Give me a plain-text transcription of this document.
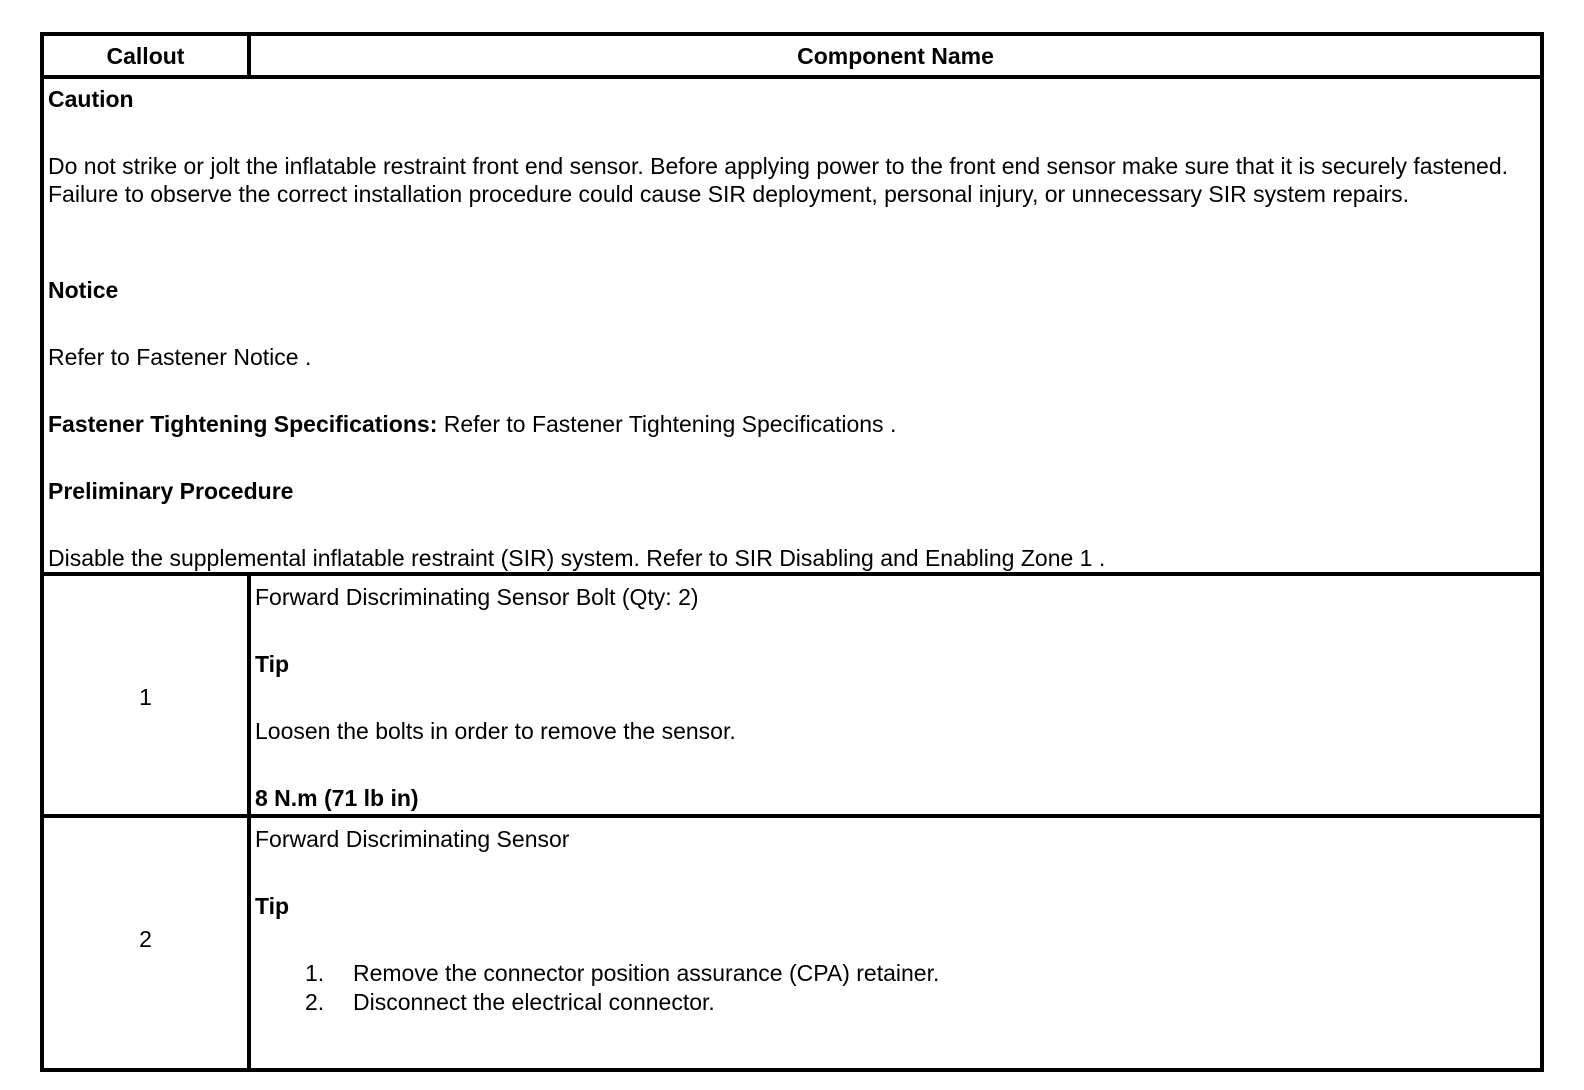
Callout	Component Name
Caution
Do not strike or jolt the inflatable restraint front end sensor. Before applying power to the front end sensor make sure that it is securely fastened. Failure to observe the correct installation procedure could cause SIR deployment, personal injury, or unnecessary SIR system repairs.
Notice
Refer to Fastener Notice .
Fastener Tightening Specifications: Refer to Fastener Tightening Specifications .
Preliminary Procedure
Disable the supplemental inflatable restraint (SIR) system. Refer to SIR Disabling and Enabling Zone 1 .
1
Forward Discriminating Sensor Bolt (Qty: 2)
Tip
Loosen the bolts in order to remove the sensor.
8 N.m (71 lb in)
2
Forward Discriminating Sensor
Tip
1. Remove the connector position assurance (CPA) retainer.
2. Disconnect the electrical connector.
